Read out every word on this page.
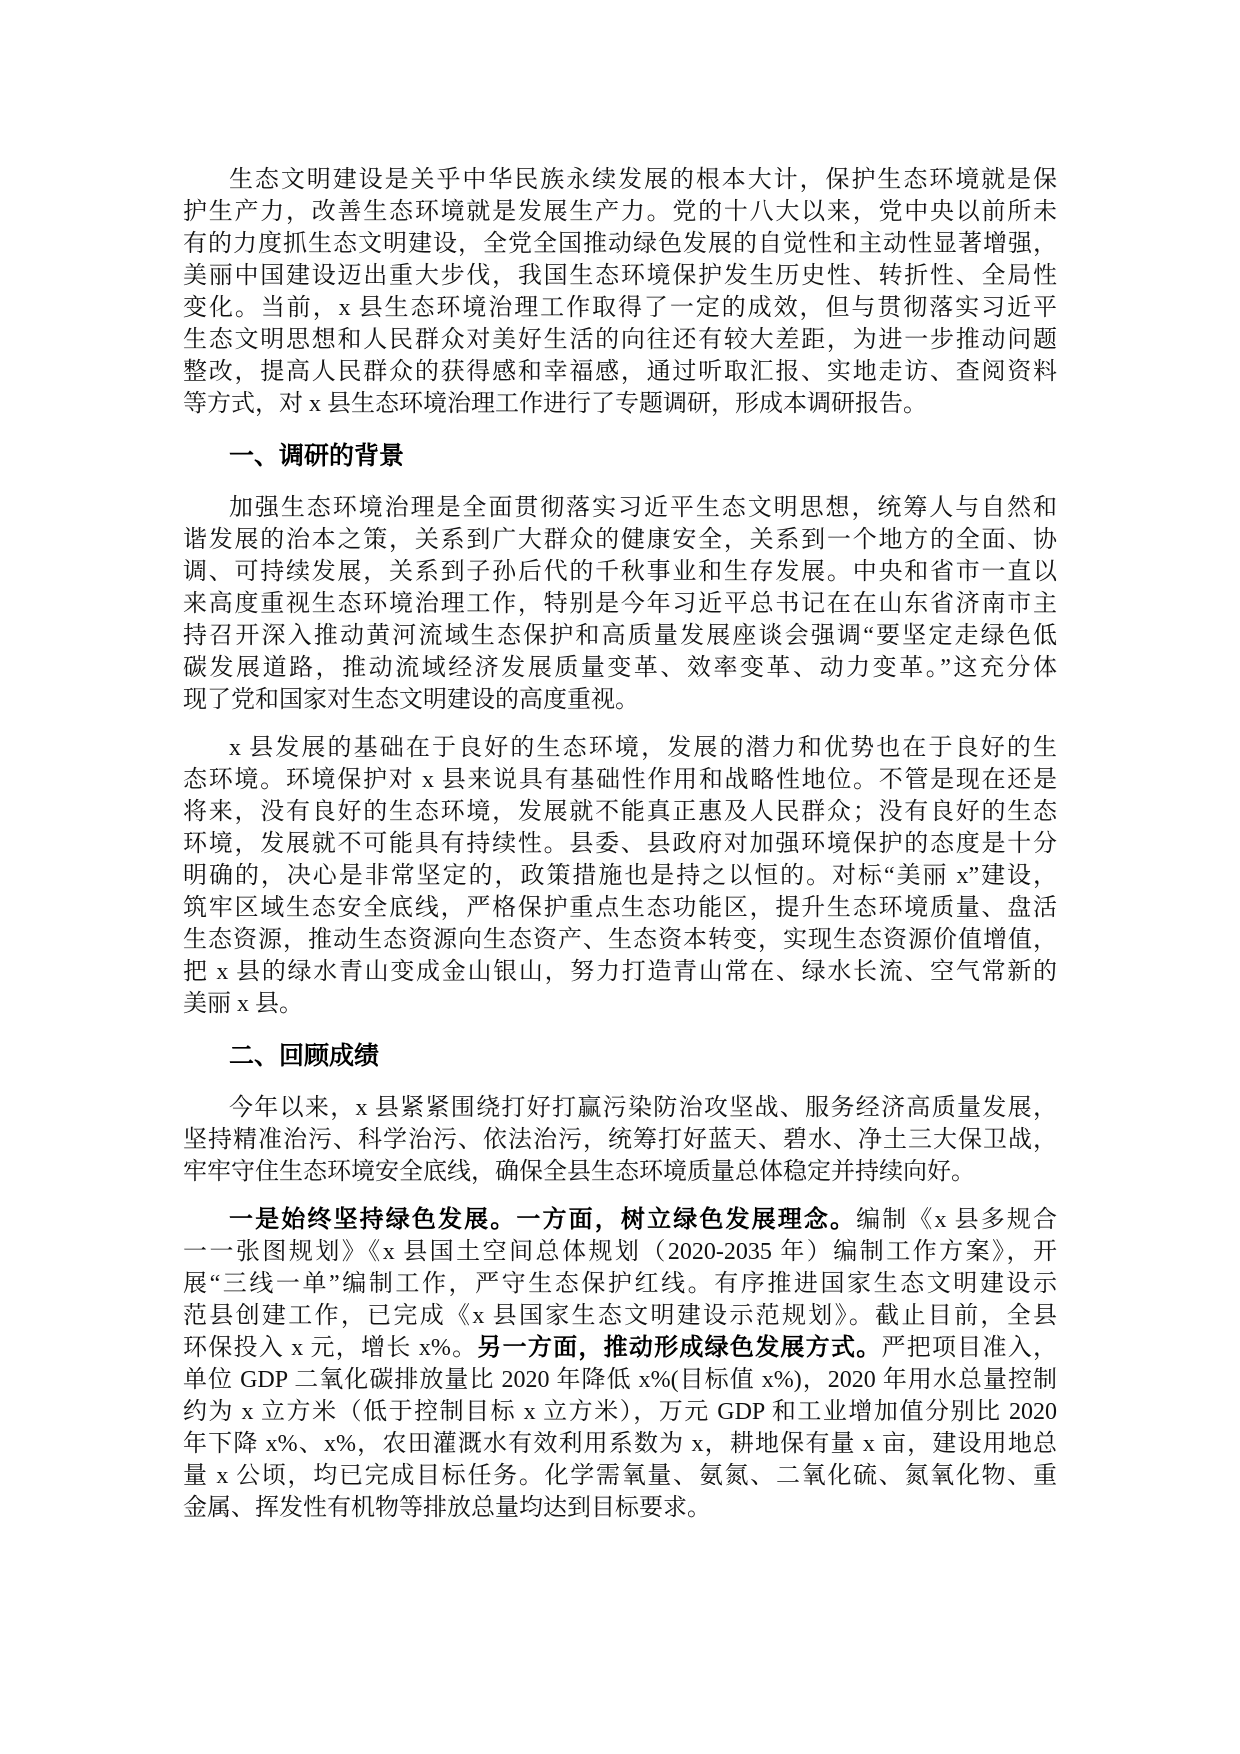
生态文明建设是关乎中华民族永续发展的根本大计，保护生态环境就是保
护生产力，改善生态环境就是发展生产力。党的十八大以来，党中央以前所未
有的力度抓生态文明建设，全党全国推动绿色发展的自觉性和主动性显著增强，
美丽中国建设迈出重大步伐，我国生态环境保护发生历史性、转折性、全局性
变化。当前，x 县生态环境治理工作取得了一定的成效，但与贯彻落实习近平
生态文明思想和人民群众对美好生活的向往还有较大差距，为进一步推动问题
整改，提高人民群众的获得感和幸福感，通过听取汇报、实地走访、查阅资料
等方式，对 x 县生态环境治理工作进行了专题调研，形成本调研报告。
一、调研的背景
加强生态环境治理是全面贯彻落实习近平生态文明思想，统筹人与自然和
谐发展的治本之策，关系到广大群众的健康安全，关系到一个地方的全面、协
调、可持续发展，关系到子孙后代的千秋事业和生存发展。中央和省市一直以
来高度重视生态环境治理工作，特别是今年习近平总书记在在山东省济南市主
持召开深入推动黄河流域生态保护和高质量发展座谈会强调“要坚定走绿色低
碳发展道路，推动流域经济发展质量变革、效率变革、动力变革。”这充分体
现了党和国家对生态文明建设的高度重视。
x 县发展的基础在于良好的生态环境，发展的潜力和优势也在于良好的生
态环境。环境保护对 x 县来说具有基础性作用和战略性地位。不管是现在还是
将来，没有良好的生态环境，发展就不能真正惠及人民群众；没有良好的生态
环境，发展就不可能具有持续性。县委、县政府对加强环境保护的态度是十分
明确的，决心是非常坚定的，政策措施也是持之以恒的。对标“美丽 x”建设，
筑牢区域生态安全底线，严格保护重点生态功能区，提升生态环境质量、盘活
生态资源，推动生态资源向生态资产、生态资本转变，实现生态资源价值增值，
把 x 县的绿水青山变成金山银山，努力打造青山常在、绿水长流、空气常新的
美丽 x 县。
二、回顾成绩
今年以来，x 县紧紧围绕打好打赢污染防治攻坚战、服务经济高质量发展，
坚持精准治污、科学治污、依法治污，统筹打好蓝天、碧水、净土三大保卫战，
牢牢守住生态环境安全底线，确保全县生态环境质量总体稳定并持续向好。
一是始终坚持绿色发展。一方面，树立绿色发展理念。编制《x 县多规合
一一张图规划》《x 县国土空间总体规划（2020-2035 年）编制工作方案》，开
展“三线一单”编制工作，严守生态保护红线。有序推进国家生态文明建设示
范县创建工作，已完成《x 县国家生态文明建设示范规划》。截止目前，全县
环保投入 x 元，增长 x%。另一方面，推动形成绿色发展方式。严把项目准入，
单位 GDP 二氧化碳排放量比 2020 年降低 x%(目标值 x%)，2020 年用水总量控制
约为 x 立方米（低于控制目标 x 立方米），万元 GDP 和工业增加值分别比 2020
年下降 x%、x%，农田灌溉水有效利用系数为 x，耕地保有量 x 亩，建设用地总
量 x 公顷，均已完成目标任务。化学需氧量、氨氮、二氧化硫、氮氧化物、重
金属、挥发性有机物等排放总量均达到目标要求。
